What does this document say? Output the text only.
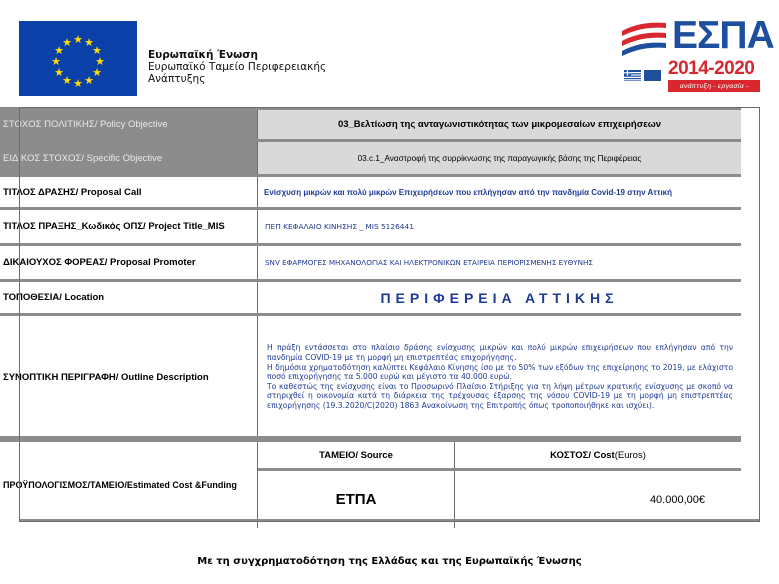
★ ★
★
★
★
★
★
★
★
★
★
★
Ευρωπαϊκή Ένωση
Ευρωπαϊκό Ταμείο Περιφερειακής
Ανάπτυξης
ΕΣΠΑ
2014-2020
ανάπτυξη - εργασία - αλληλεγγύη
ΣΤΟΧΟΣ ΠΟΛΙΤΙΚΗΣ/ Policy Objective	03_Βελτίωση της ανταγωνιστικότητας των μικρομεσαίων επιχειρήσεων
ΕΙΔΙΚΟΣ ΣΤΟΧΟΣ/ Specific Objective	03.c.1_Αναστροφή της συρρίκνωσης της παραγωγικής βάσης της Περιφέρειας
ΤΙΤΛΟΣ ΔΡΑΣΗΣ/ Proposal Call	Ενίσχυση μικρών και πολύ μικρών Επιχειρήσεων που επλήγησαν από την πανδημία Covid-19 στην Αττική
ΤΙΤΛΟΣ ΠΡΑΞΗΣ_Κωδικός ΟΠΣ/ Project Title_MIS	ΠΕΠ ΚΕΦΑΛΑΙΟ ΚΙΝΗΣΗΣ _ MIS 5126441
ΔΙΚΑΙΟΥΧΟΣ ΦΟΡΕΑΣ/ Proposal Promoter	SNV ΕΦΑΡΜΟΓΕΣ ΜΗΧΑΝΟΛΟΓΙΑΣ ΚΑΙ ΗΛΕΚΤΡΟΝΙΚΩΝ ΕΤΑΙΡΕΙΑ ΠΕΡΙΟΡΙΣΜΕΝΗΣ ΕΥΘΥΝΗΣ
ΤΟΠΟΘΕΣΙΑ/ Location	ΠΕΡΙΦΕΡΕΙΑ ΑΤΤΙΚΗΣ
ΣΥΝΟΠΤΙΚΗ ΠΕΡΙΓΡΑΦΗ/ Outline Description

Η πράξη εντάσσεται στο πλαίσιο δράσης ενίσχυσης μικρών και πολύ μικρών επιχειρήσεων που επλήγησαν από την πανδημία COVID-19 με τη μορφή μη επιστρεπτέας επιχορήγησης.

Η δημόσια χρηματοδότηση καλύπτει Κεφάλαιο Κίνησης ίσο με το 50% των εξόδων της επιχείρησης το 2019, με ελάχιστο ποσό επιχορήγησης τα 5.000 ευρώ και μέγιστο τα 40.000 ευρώ.

Το καθεστώς της ενίσχυσης είναι το Προσωρινό Πλαίσιο Στήριξης για τη λήψη μέτρων κρατικής ενίσχυσης με σκοπό να στηριχθεί η οικονομία κατά τη διάρκεια της τρέχουσας έξαρσης της νόσου COVID-19 με τη μορφή μη επιστρεπτέας επιχορήγησης (19.3.2020/C(2020) 1863 Ανακοίνωση της Επιτροπής όπως τροποποιήθηκε και ισχύει).

ΠΡΟΫΠΟΛΟΓΙΣΜΟΣ/ΤΑΜΕΙΟ/Estimated Cost &Funding
ΤΑΜΕΙΟ/ Source	ΚΟΣΤΟΣ/ Cost (Euros)
ΕΤΠΑ	40.000,00€
Με τη συγχρηματοδότηση της Ελλάδας και της Ευρωπαϊκής Ένωσης
